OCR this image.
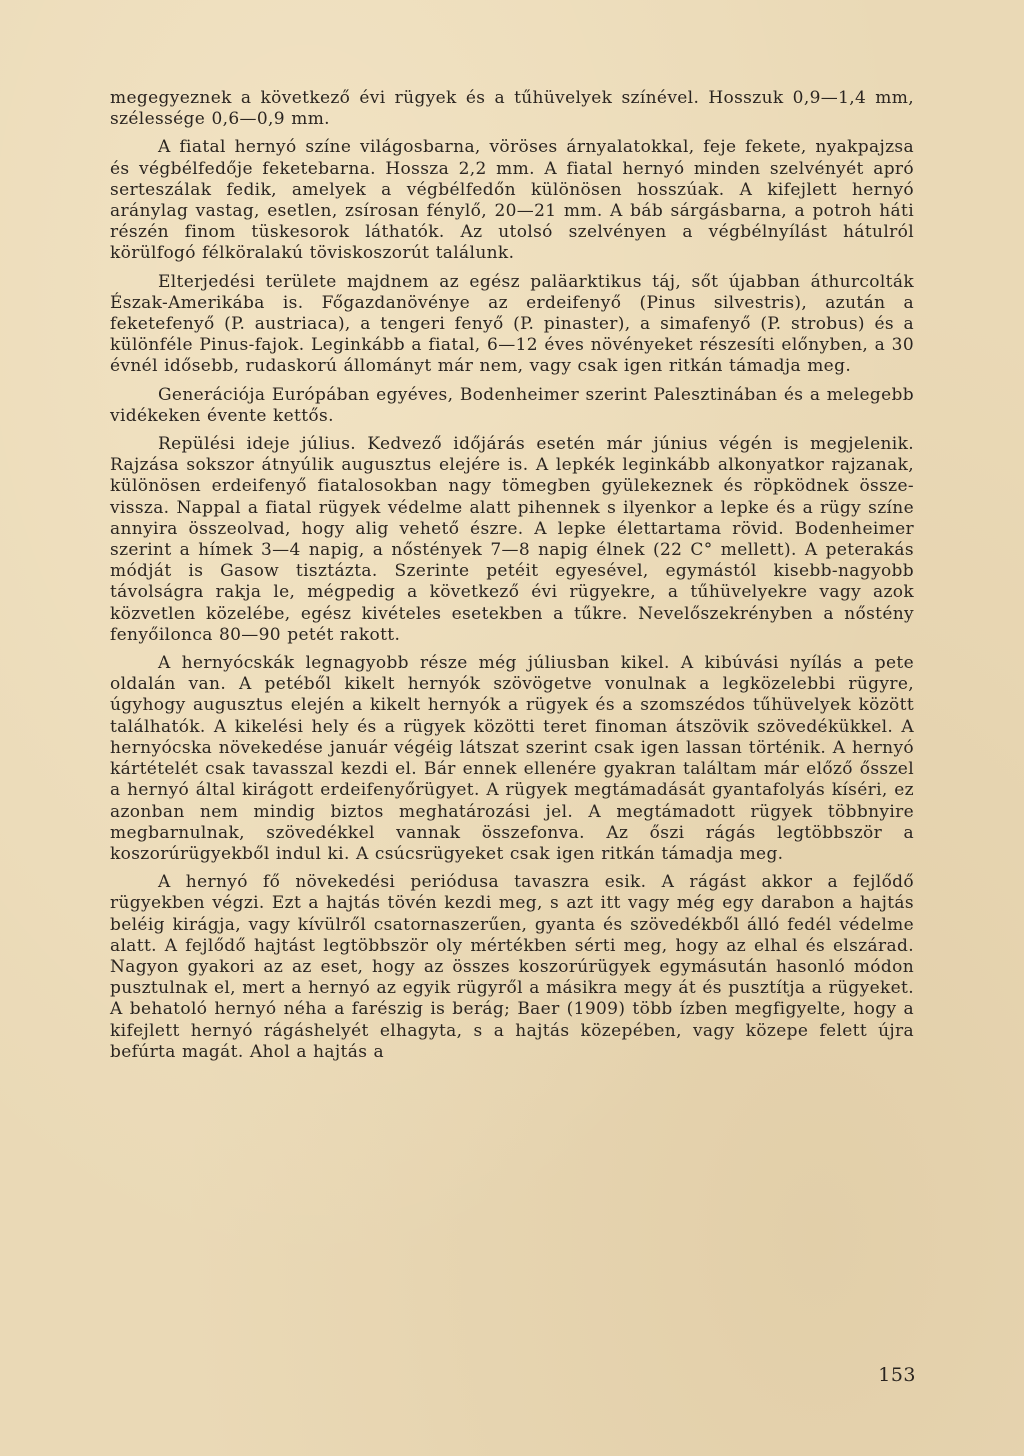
megegyeznek a következő évi rügyek és a tűhüvelyek színével. Hosszuk 0,9—1,4 mm, szélessége 0,6—0,9 mm.

A fiatal hernyó színe világosbarna, vöröses árnyalatokkal, feje fekete, nyakpajzsa és végbélfedője feketebarna. Hossza 2,2 mm. A fiatal hernyó minden szelvényét apró serteszálak fedik, amelyek a végbélfedőn különösen hosszúak. A kifejlett hernyó aránylag vastag, esetlen, zsírosan fénylő, 20—21 mm. A báb sárgásbarna, a potroh háti részén finom tüskesorok láthatók. Az utolsó szelvényen a végbélnyílást hátulról körülfogó félköralakú töviskoszorút találunk.

Elterjedési területe majdnem az egész paläarktikus táj, sőt újabban áthurcolták Észak-Amerikába is. Főgazdanövénye az erdeifenyő (Pinus silvestris), azután a feketefenyő (P. austriaca), a tengeri fenyő (P. pinaster), a simafenyő (P. strobus) és a különféle Pinus-fajok. Leginkább a fiatal, 6—12 éves növényeket részesíti előnyben, a 30 évnél idősebb, rudaskorú állományt már nem, vagy csak igen ritkán támadja meg.

Generációja Európában egyéves, Bodenheimer szerint Palesztinában és a melegebb vidékeken évente kettős.

Repülési ideje július. Kedvező időjárás esetén már június végén is megjelenik. Rajzása sokszor átnyúlik augusztus elejére is. A lepkék leginkább alkonyatkor rajzanak, különösen erdeifenyő fiatalosokban nagy tömegben gyülekeznek és röpködnek össze-vissza. Nappal a fiatal rügyek védelme alatt pihennek s ilyenkor a lepke és a rügy színe annyira összeolvad, hogy alig vehető észre. A lepke élettartama rövid. Bodenheimer szerint a hímek 3—4 napig, a nőstények 7—8 napig élnek (22 C° mellett). A peterakás módját is Gasow tisztázta. Szerinte petéit egyesével, egymástól kisebb-nagyobb távolságra rakja le, mégpedig a következő évi rügyekre, a tűhüvelyekre vagy azok közvetlen közelébe, egész kivételes esetekben a tűkre. Nevelőszekrényben a nőstény fenyőilonca 80—90 petét rakott.

A hernyócskák legnagyobb része még júliusban kikel. A kibúvási nyílás a pete oldalán van. A petéből kikelt hernyók szövögetve vonulnak a legközelebbi rügyre, úgyhogy augusztus elején a kikelt hernyók a rügyek és a szomszédos tűhüvelyek között találhatók. A kikelési hely és a rügyek közötti teret finoman átszövik szövedékükkel. A hernyócska növekedése január végéig látszat szerint csak igen lassan történik. A hernyó kártételét csak tavasszal kezdi el. Bár ennek ellenére gyakran találtam már előző ősszel a hernyó által kirágott erdeifenyőrügyet. A rügyek megtámadását gyantafolyás kíséri, ez azonban nem mindig biztos meghatározási jel. A megtámadott rügyek többnyire megbarnulnak, szövedékkel vannak összefonva. Az őszi rágás legtöbbször a koszorúrügyekből indul ki. A csúcsrügyeket csak igen ritkán támadja meg.

A hernyó fő növekedési periódusa tavaszra esik. A rágást akkor a fejlődő rügyekben végzi. Ezt a hajtás tövén kezdi meg, s azt itt vagy még egy darabon a hajtás beléig kirágja, vagy kívülről csatornaszerűen, gyanta és szövedékből álló fedél védelme alatt. A fejlődő hajtást legtöbbször oly mértékben sérti meg, hogy az elhal és elszárad. Nagyon gyakori az az eset, hogy az összes koszorúrügyek egymásután hasonló módon pusztulnak el, mert a hernyó az egyik rügyről a másikra megy át és pusztítja a rügyeket. A behatoló hernyó néha a farészig is berág; Baer (1909) több ízben megfigyelte, hogy a kifejlett hernyó rágáshelyét elhagyta, s a hajtás közepében, vagy közepe felett újra befúrta magát. Ahol a hajtás a

153
